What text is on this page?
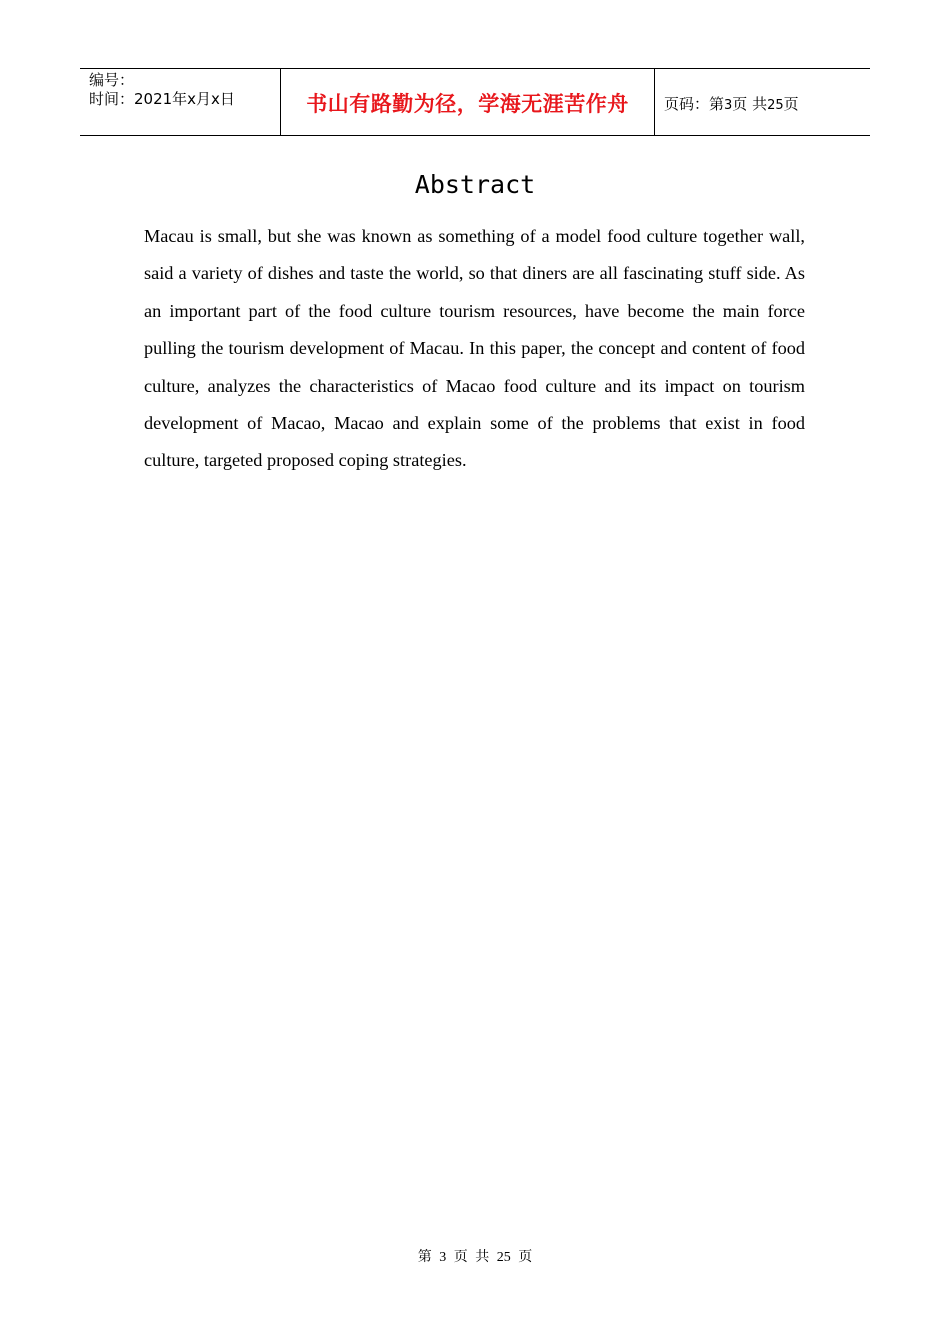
编号：
时间：2021年x月x日	书山有路勤为径，学海无涯苦作舟 页码：第3页 共25页
Abstract

Macau is small, but she was known as something of a model food culture together wall, said a variety of dishes and taste the world, so that diners are all fascinating stuff side. As an important part of the food culture tourism resources, have become the main force pulling the tourism development of Macau. In this paper, the concept and content of food culture, analyzes the characteristics of Macao food culture and its impact on tourism development of Macao, Macao and explain some of the problems that exist in food culture, targeted proposed coping strategies.

第 3 页 共 25 页
